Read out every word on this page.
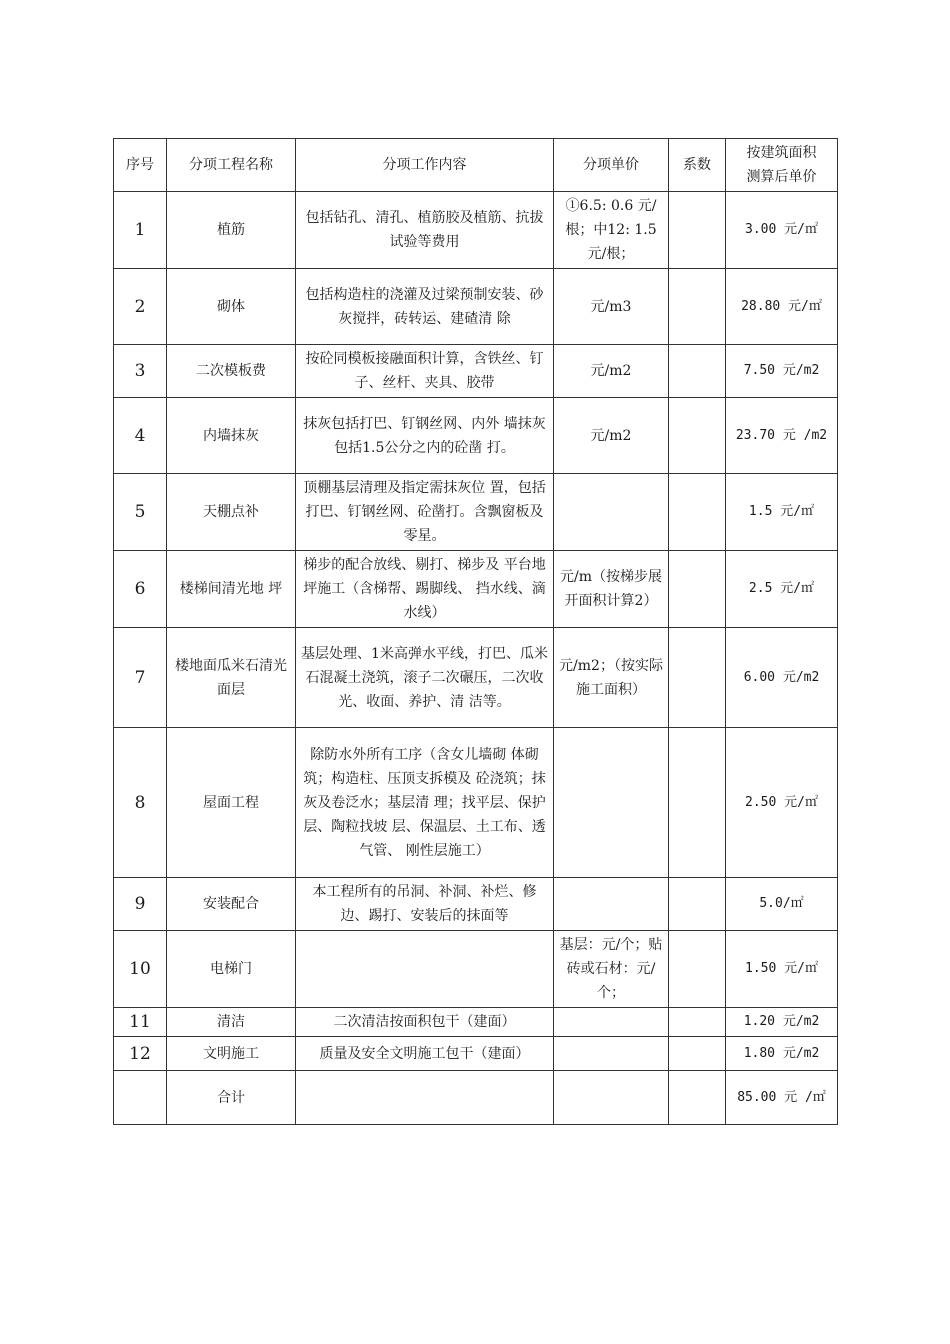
序号	分项工程名称	分项工作内容	分项单价	系数	按建筑面积
测算后单价
1	植筋	包括钻孔、清孔、植筋胶及植筋、抗拔试验等费用	①6.5: 0.6 元/根；中12: 1.5 元/根；		3.00 元/㎡
2	砌体	包括构造柱的浇灌及过梁预制安装、砂灰搅拌，砖转运、建碴清 除	元/m3		28.80 元/㎡
3	二次模板费	按砼同模板接融面积计算，含铁丝、钉子、丝杆、夹具、胶带	元/m2		7.50 元/m2
4	内墙抹灰	抹灰包括打巴、钉钢丝网、内外 墙抹灰包括1.5公分之内的砼凿 打。	元/m2		23.70 元 /m2
5	天棚点补	顶棚基层清理及指定需抹灰位 置，包括打巴、钉钢丝网、砼凿打。含飘窗板及零星。			1.5 元/㎡
6	楼梯间清光地 坪	梯步的配合放线、剔打、梯步及 平台地坪施工（含梯帮、踢脚线、 挡水线、滴水线）	元/m（按梯步展开面积计算2）		2.5 元/㎡
7	楼地面瓜米石清光面层	基层处理、1米高弹水平线，打巴、瓜米石混凝土浇筑，滚子二次碾压，二次收光、收面、养护、清 洁等。	元/m2；（按实际施工面积）		6.00 元/m2
8	屋面工程	除防水外所有工序（含女儿墙砌 体砌筑；构造柱、压顶支拆模及 砼浇筑；抹灰及卷泛水；基层清 理；找平层、保护层、陶粒找坡 层、保温层、土工布、透气管、 刚性层施工）			2.50 元/㎡
9	安装配合	本工程所有的吊洞、补洞、补烂、修边、踢打、安装后的抹面等			5.0/㎡
10	电梯门		基层：元/个；贴砖或石材：元/个；		1.50 元/㎡
11	清洁	二次清洁按面积包干（建面）			1.20 元/m2
12	文明施工	质量及安全文明施工包干（建面）			1.80 元/m2
	合计				85.00 元 /㎡
